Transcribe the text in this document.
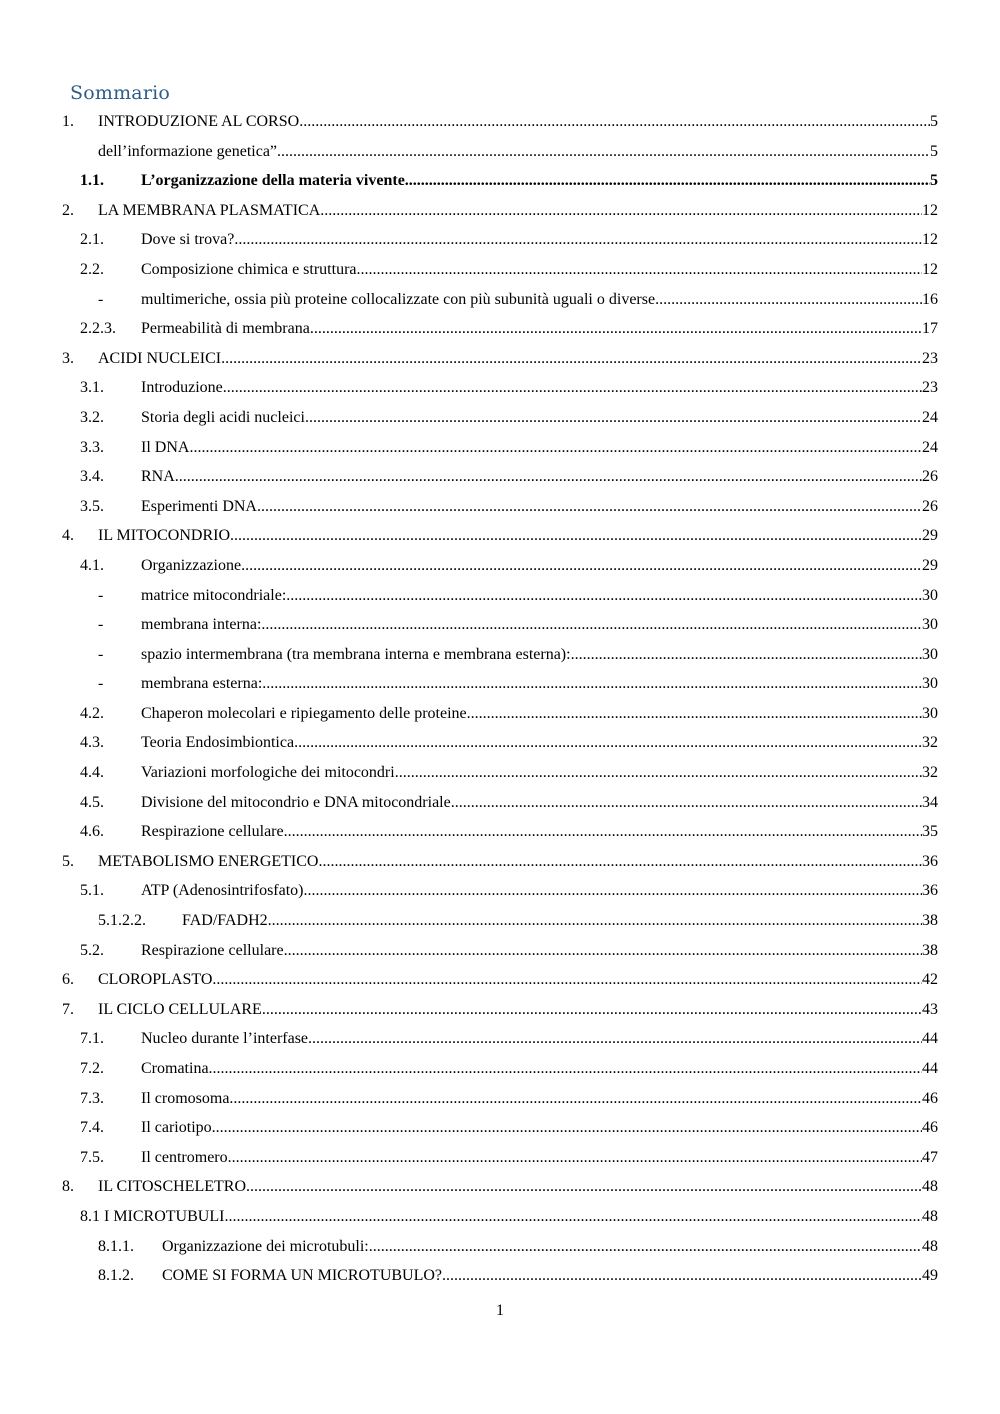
Sommario
1. INTRODUZIONE AL CORSO .....	5
dell’informazione genetica” .....	5
1.1. L’organizzazione della materia vivente .....	5
2. LA MEMBRANA PLASMATICA .....	12
2.1. Dove si trova? .....	12
2.2. Composizione chimica e struttura .....	12
- multimeriche, ossia più proteine collocalizzate con più subunità uguali o diverse .....	16
2.2.3. Permeabilità di membrana .....	17
3. ACIDI NUCLEICI .....	23
3.1. Introduzione .....	23
3.2. Storia degli acidi nucleici .....	24
3.3. Il DNA .....	24
3.4. RNA .....	26
3.5. Esperimenti DNA .....	26
4. IL MITOCONDRIO .....	29
4.1. Organizzazione .....	29
- matrice mitocondriale: .....	30
- membrana interna: .....	30
- spazio intermembrana (tra membrana interna e membrana esterna): .....	30
- membrana esterna: .....	30
4.2. Chaperon molecolari e ripiegamento delle proteine .....	30
4.3. Teoria Endosimbiontica .....	32
4.4. Variazioni morfologiche dei mitocondri .....	32
4.5. Divisione del mitocondrio e DNA mitocondriale .....	34
4.6. Respirazione cellulare .....	35
5. METABOLISMO ENERGETICO .....	36
5.1. ATP (Adenosintrifosfato) .....	36
5.1.2.2. FAD/FADH2 .....	38
5.2. Respirazione cellulare .....	38
6. CLOROPLASTO .....	42
7. IL CICLO CELLULARE .....	43
7.1. Nucleo durante l’interfase .....	44
7.2. Cromatina .....	44
7.3. Il cromosoma .....	46
7.4. Il cariotipo .....	46
7.5. Il centromero .....	47
8. IL CITOSCHELETRO .....	48
8.1 I MICROTUBULI .....	48
8.1.1. Organizzazione dei microtubuli: .....	48
8.1.2. COME SI FORMA UN MICROTUBULO? .....	49
1
